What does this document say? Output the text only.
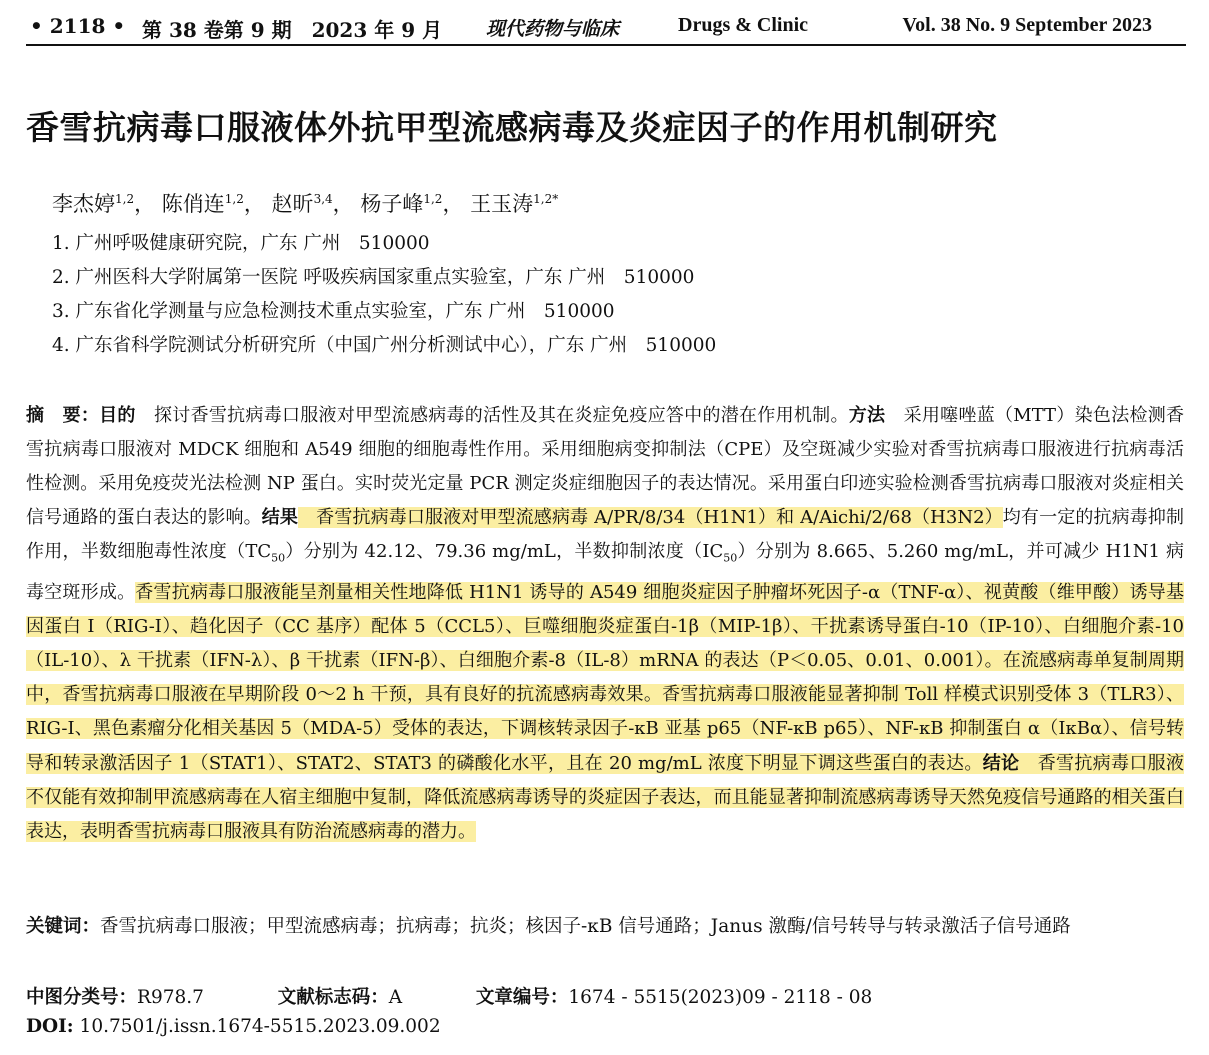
• 2118 • 第 38 卷第 9 期　2023 年 9 月 现代药物与临床	Drugs & Clinic	Vol. 38 No. 9 September 2023
香雪抗病毒口服液体外抗甲型流感病毒及炎症因子的作用机制研究
李杰婷$^{1,2}$， 陈俏连$^{1,2}$， 赵昕$^{3,4}$， 杨子峰$^{1,2}$， 王玉涛$^{1,2*}$
1. 广州呼吸健康研究院，广东 广州　510000
2. 广州医科大学附属第一医院 呼吸疾病国家重点实验室，广东 广州　510000
3. 广东省化学测量与应急检测技术重点实验室，广东 广州　510000
4. 广东省科学院测试分析研究所（中国广州分析测试中心），广东 广州　510000

摘　要：目的　探讨香雪抗病毒口服液对甲型流感病毒的活性及其在炎症免疫应答中的潜在作用机制。方法　采用噻唑蓝（MTT）染色法检测香雪抗病毒口服液对 MDCK 细胞和 A549 细胞的细胞毒性作用。采用细胞病变抑制法（CPE）及空斑减少实验对香雪抗病毒口服液进行抗病毒活性检测。采用免疫荧光法检测 NP 蛋白。实时荧光定量 PCR 测定炎症细胞因子的表达情况。采用蛋白印迹实验检测香雪抗病毒口服液对炎症相关信号通路的蛋白表达的影响。结果　香雪抗病毒口服液对甲型流感病毒 A/PR/8/34（H1N1）和 A/Aichi/2/68（H3N2）均有一定的抗病毒抑制作用，半数细胞毒性浓度$(TC_{50})$分别为 42.12、79.36 mg/mL，半数抑制浓度$(IC_{50})$分别为 8.665、5.260 mg/mL，并可减少 H1N1 病毒空斑形成。香雪抗病毒口服液能呈剂量相关性地降低 H1N1 诱导的 A549 细胞炎症因子肿瘤坏死因子-α（TNF-α）、视黄酸（维甲酸）诱导基因蛋白 I（RIG-I）、趋化因子（CC 基序）配体 5（CCL5）、巨噬细胞炎症蛋白-1β（MIP-1β）、干扰素诱导蛋白-10（IP-10）、白细胞介素-10（IL-10）、λ 干扰素（IFN-λ）、β 干扰素（IFN-β）、白细胞介素-8（IL-8）mRNA 的表达（P＜0.05、0.01、0.001）。在流感病毒单复制周期中，香雪抗病毒口服液在早期阶段 0～2 h 干预，具有良好的抗流感病毒效果。香雪抗病毒口服液能显著抑制 Toll 样模式识别受体 3（TLR3）、RIG-I、黑色素瘤分化相关基因 5（MDA-5）受体的表达，下调核转录因子-κB 亚基 p65（NF-κB p65）、NF-κB 抑制蛋白 α（IκBα）、信号转导和转录激活因子 1（STAT1）、STAT2、STAT3 的磷酸化水平，且在 20 mg/mL 浓度下明显下调这些蛋白的表达。结论　香雪抗病毒口服液不仅能有效抑制甲流感病毒在人宿主细胞中复制，降低流感病毒诱导的炎症因子表达，而且能显著抑制流感病毒诱导天然免疫信号通路的相关蛋白表达，表明香雪抗病毒口服液具有防治流感病毒的潜力。

关键词：香雪抗病毒口服液；甲型流感病毒；抗病毒；抗炎；核因子-κB 信号通路；Janus 激酶/信号转导与转录激活子信号通路
中图分类号：R978.7	文献标志码：A	文章编号：1674 - 5515(2023)09 - 2118 - 08
DOI: 10.7501/j.issn.1674-5515.2023.09.002
